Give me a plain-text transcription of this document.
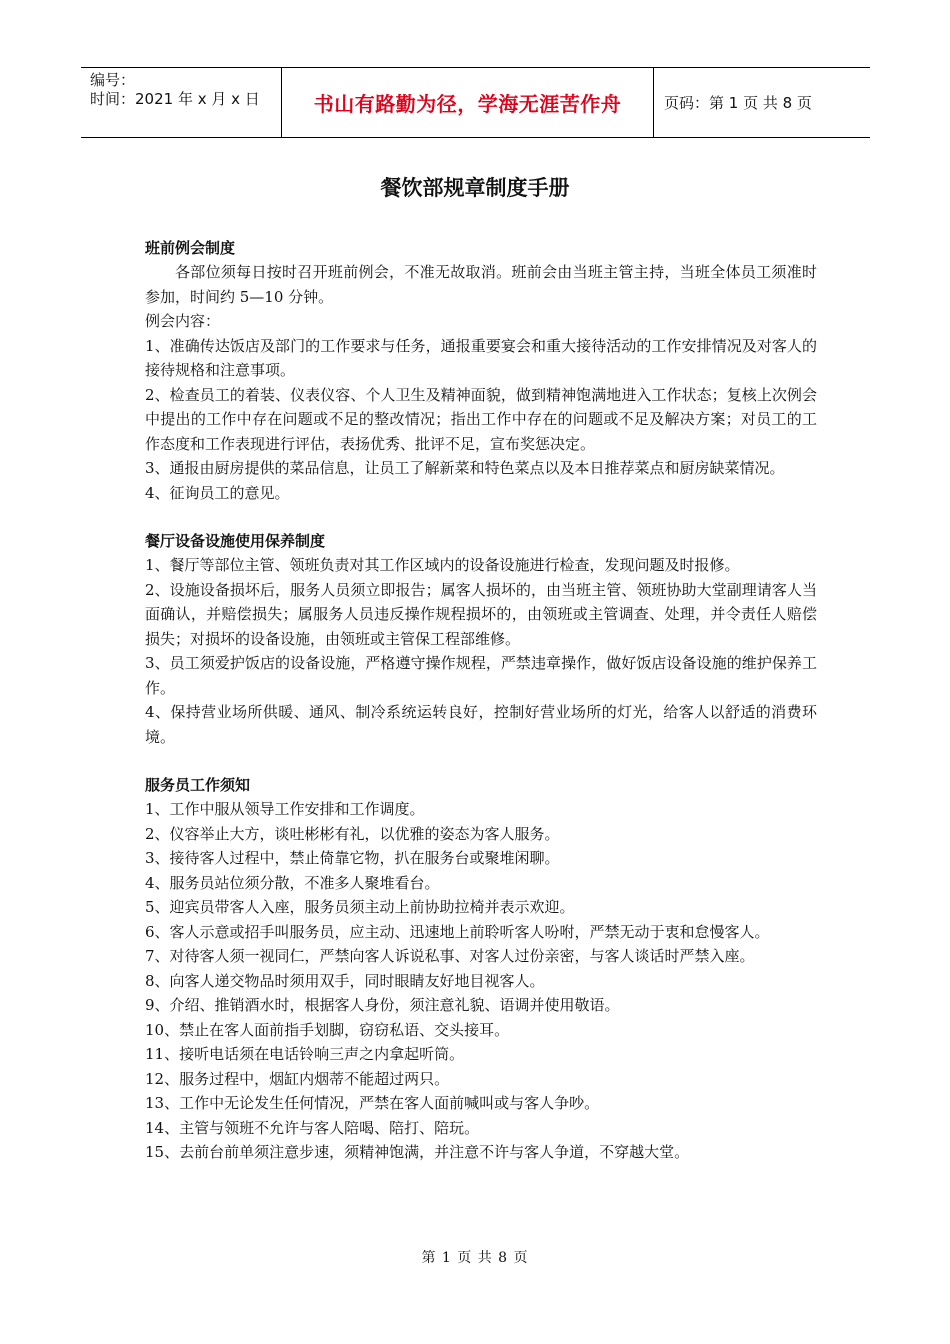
编号：
时间：2021 年 x 月 x 日	书山有路勤为径，学海无涯苦作舟	页码：第 1 页 共 8 页
餐饮部规章制度手册
班前例会制度
各部位须每日按时召开班前例会，不准无故取消。班前会由当班主管主持，当班全体员工须准时参加，时间约 5—10 分钟。
例会内容：
1、准确传达饭店及部门的工作要求与任务，通报重要宴会和重大接待活动的工作安排情况及对客人的接待规格和注意事项。
2、检查员工的着装、仪表仪容、个人卫生及精神面貌，做到精神饱满地进入工作状态；复核上次例会中提出的工作中存在问题或不足的整改情况；指出工作中存在的问题或不足及解决方案；对员工的工作态度和工作表现进行评估，表扬优秀、批评不足，宣布奖惩决定。
3、通报由厨房提供的菜品信息，让员工了解新菜和特色菜点以及本日推荐菜点和厨房缺菜情况。
4、征询员工的意见。
餐厅设备设施使用保养制度
1、餐厅等部位主管、领班负责对其工作区域内的设备设施进行检查，发现问题及时报修。
2、设施设备损坏后，服务人员须立即报告；属客人损坏的，由当班主管、领班协助大堂副理请客人当面确认，并赔偿损失；属服务人员违反操作规程损坏的，由领班或主管调查、处理，并令责任人赔偿损失；对损坏的设备设施，由领班或主管保工程部维修。
3、员工须爱护饭店的设备设施，严格遵守操作规程，严禁违章操作，做好饭店设备设施的维护保养工作。
4、保持营业场所供暖、通风、制冷系统运转良好，控制好营业场所的灯光，给客人以舒适的消费环境。
服务员工作须知
1、工作中服从领导工作安排和工作调度。
2、仪容举止大方，谈吐彬彬有礼，以优雅的姿态为客人服务。
3、接待客人过程中，禁止倚靠它物，扒在服务台或聚堆闲聊。
4、服务员站位须分散，不准多人聚堆看台。
5、迎宾员带客人入座，服务员须主动上前协助拉椅并表示欢迎。
6、客人示意或招手叫服务员，应主动、迅速地上前聆听客人吩咐，严禁无动于衷和怠慢客人。
7、对待客人须一视同仁，严禁向客人诉说私事、对客人过份亲密，与客人谈话时严禁入座。
8、向客人递交物品时须用双手，同时眼睛友好地目视客人。
9、介绍、推销酒水时，根据客人身份，须注意礼貌、语调并使用敬语。
10、禁止在客人面前指手划脚，窃窃私语、交头接耳。
11、接听电话须在电话铃响三声之内拿起听筒。
12、服务过程中，烟缸内烟蒂不能超过两只。
13、工作中无论发生任何情况，严禁在客人面前喊叫或与客人争吵。
14、主管与领班不允许与客人陪喝、陪打、陪玩。
15、去前台前单须注意步速，须精神饱满，并注意不许与客人争道，不穿越大堂。
第 1 页 共 8 页
